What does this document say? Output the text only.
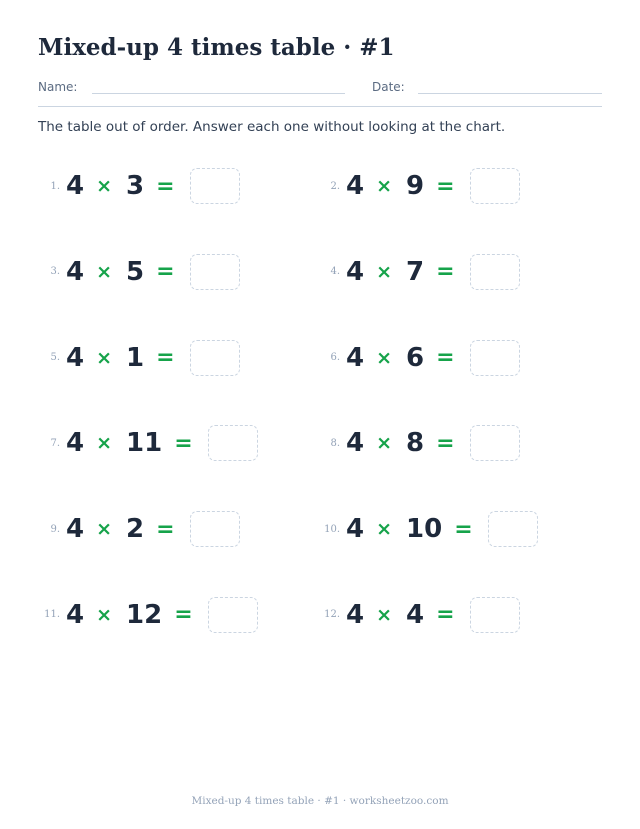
Mixed-up 4 times table · #1
Name:	Date:
The table out of order. Answer each one without looking at the chart.
1. 4 × 3 =	2. 4 × 9 =
3. 4 × 5 =	4. 4 × 7 =
5. 4 × 1 =	6. 4 × 6 =
7. 4 × 11 =	8. 4 × 8 =
9. 4 × 2 =	10. 4 × 10 =
11. 4 × 12 =	12. 4 × 4 =
Mixed-up 4 times table · #1 · worksheetzoo.com
